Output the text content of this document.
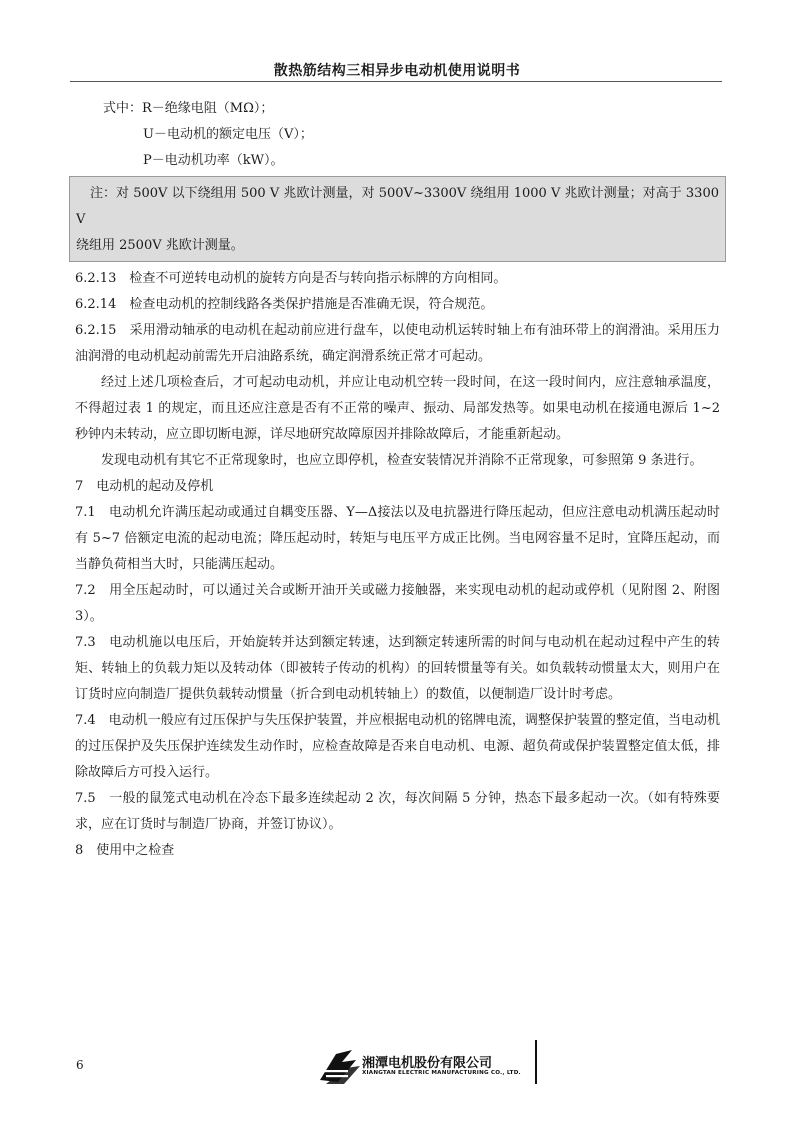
散热筋结构三相异步电动机使用说明书

式中：R－绝缘电阻（MΩ）；

U－电动机的额定电压（V）；

P－电动机功率（kW）。

注：对 500V 以下绕组用 500 V 兆欧计测量，对 500V~3300V 绕组用 1000 V 兆欧计测量；对高于 3300V

绕组用 2500V 兆欧计测量。

6.2.13　检查不可逆转电动机的旋转方向是否与转向指示标牌的方向相同。

6.2.14　检查电动机的控制线路各类保护措施是否准确无误，符合规范。

6.2.15　采用滑动轴承的电动机在起动前应进行盘车，以使电动机运转时轴上布有油环带上的润滑油。采用压力油润滑的电动机起动前需先开启油路系统，确定润滑系统正常才可起动。

经过上述几项检查后，才可起动电动机，并应让电动机空转一段时间，在这一段时间内，应注意轴承温度，不得超过表 1 的规定，而且还应注意是否有不正常的噪声、振动、局部发热等。如果电动机在接通电源后 1~2 秒钟内未转动，应立即切断电源，详尽地研究故障原因并排除故障后，才能重新起动。

发现电动机有其它不正常现象时，也应立即停机，检查安装情况并消除不正常现象，可参照第 9 条进行。

7　电动机的起动及停机

7.1　电动机允许满压起动或通过自耦变压器、Y—Δ接法以及电抗器进行降压起动，但应注意电动机满压起动时有 5~7 倍额定电流的起动电流；降压起动时，转矩与电压平方成正比例。当电网容量不足时，宜降压起动，而当静负荷相当大时，只能满压起动。

7.2　用全压起动时，可以通过关合或断开油开关或磁力接触器，来实现电动机的起动或停机（见附图 2、附图 3）。

7.3　电动机施以电压后，开始旋转并达到额定转速，达到额定转速所需的时间与电动机在起动过程中产生的转矩、转轴上的负载力矩以及转动体（即被转子传动的机构）的回转惯量等有关。如负载转动惯量太大，则用户在订货时应向制造厂提供负载转动惯量（折合到电动机转轴上）的数值，以便制造厂设计时考虑。

7.4　电动机一般应有过压保护与失压保护装置，并应根据电动机的铭牌电流，调整保护装置的整定值，当电动机的过压保护及失压保护连续发生动作时，应检查故障是否来自电动机、电源、超负荷或保护装置整定值太低，排除故障后方可投入运行。

7.5　一般的鼠笼式电动机在冷态下最多连续起动 2 次，每次间隔 5 分钟，热态下最多起动一次。（如有特殊要求，应在订货时与制造厂协商，并签订协议）。

8　使用中之检查

6	湘潭电机股份有限公司
XIANGTAN ELECTRIC MANUFACTURING CO., LTD.
